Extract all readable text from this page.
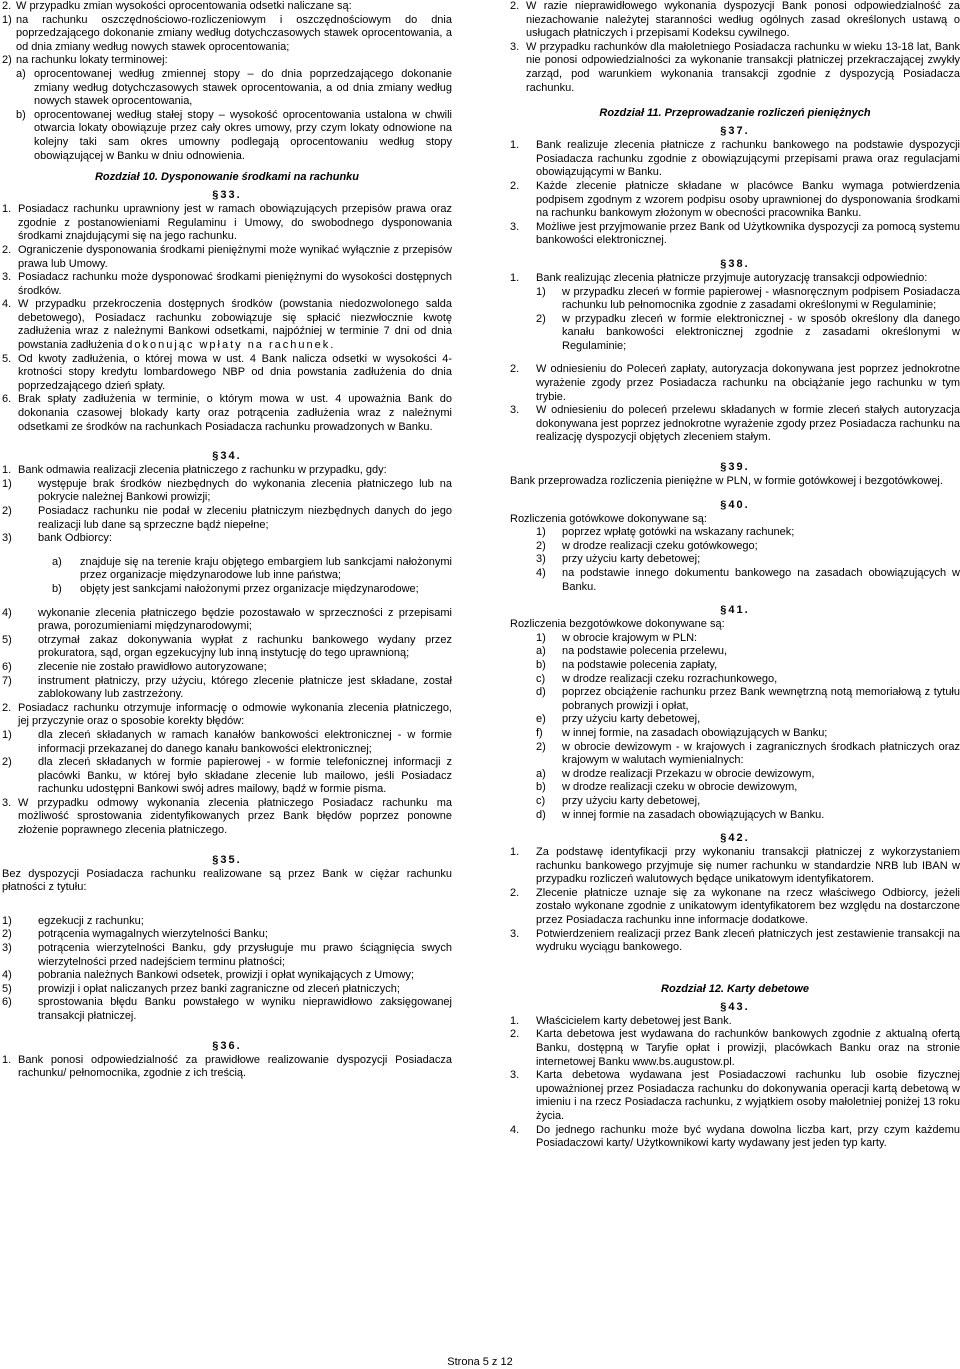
2. W przypadku zmian wysokości oprocentowania odsetki naliczane są:
1) na rachunku oszczędnościowo-rozliczeniowym i oszczędnościowym do dnia poprzedzającego dokonanie zmiany według dotychczasowych stawek oprocentowania, a od dnia zmiany według nowych stawek oprocentowania;
2) na rachunku lokaty terminowej:
a) oprocentowanej według zmiennej stopy – do dnia poprzedzającego dokonanie zmiany według dotychczasowych stawek oprocentowania, a od dnia zmiany według nowych stawek oprocentowania,
b) oprocentowanej według stałej stopy – wysokość oprocentowania ustalona w chwili otwarcia lokaty obowiązuje przez cały okres umowy, przy czym lokaty odnowione na kolejny taki sam okres umowny podlegają oprocentowaniu według stopy obowiązującej w Banku w dniu odnowienia.
Rozdział 10. Dysponowanie środkami na rachunku
§33.
1. Posiadacz rachunku uprawniony jest w ramach obowiązujących przepisów prawa oraz zgodnie z postanowieniami Regulaminu i Umowy, do swobodnego dysponowania środkami znajdującymi się na jego rachunku.
2. Ograniczenie dysponowania środkami pieniężnymi może wynikać wyłącznie z przepisów prawa lub Umowy.
3. Posiadacz rachunku może dysponować środkami pieniężnymi do wysokości dostępnych środków.
4. W przypadku przekroczenia dostępnych środków (powstania niedozwolonego salda debetowego), Posiadacz rachunku zobowiązuje się spłacić niezwłocznie kwotę zadłużenia wraz z należnymi Bankowi odsetkami, najpóźniej w terminie 7 dni od dnia powstania zadłużenia dokonując wpłaty na rachunek.
5. Od kwoty zadłużenia, o której mowa w ust. 4 Bank nalicza odsetki w wysokości 4- krotności stopy kredytu lombardowego NBP od dnia powstania zadłużenia do dnia poprzedzającego dzień spłaty.
6. Brak spłaty zadłużenia w terminie, o którym mowa w ust. 4 upoważnia Bank do dokonania czasowej blokady karty oraz potrącenia zadłużenia wraz z należnymi odsetkami ze środków na rachunkach Posiadacza rachunku prowadzonych w Banku.
§34.
1. Bank odmawia realizacji zlecenia płatniczego z rachunku w przypadku, gdy:
1)	występuje brak środków niezbędnych do wykonania zlecenia płatniczego lub na pokrycie należnej Bankowi prowizji;
2)	Posiadacz rachunku nie podał w zleceniu płatniczym niezbędnych danych do jego realizacji lub dane są sprzeczne bądź niepełne;
3)	bank Odbiorcy:
a)	znajduje się na terenie kraju objętego embargiem lub sankcjami nałożonymi przez organizacje międzynarodowe lub inne państwa;
b)	objęty jest sankcjami nałożonymi przez organizacje międzynarodowe;
4)	wykonanie zlecenia płatniczego będzie pozostawało w sprzeczności z przepisami prawa, porozumieniami międzynarodowymi;
5)	otrzymał zakaz dokonywania wypłat z rachunku bankowego wydany przez prokuratora, sąd, organ egzekucyjny lub inną instytucję do tego uprawnioną;
6)	zlecenie nie zostało prawidłowo autoryzowane;
7)	instrument płatniczy, przy użyciu, którego zlecenie płatnicze jest składane, został zablokowany lub zastrzeżony.
2. Posiadacz rachunku otrzymuje informację o odmowie wykonania zlecenia płatniczego, jej przyczynie oraz o sposobie korekty błędów:
1)	dla zleceń składanych w ramach kanałów bankowości elektronicznej - w formie informacji przekazanej do danego kanału bankowości elektronicznej;
2)	dla zleceń składanych w formie papierowej - w formie telefonicznej informacji z placówki Banku, w której było składane zlecenie lub mailowo, jeśli Posiadacz rachunku udostępni Bankowi swój adres mailowy, bądź w formie pisma.
3. W przypadku odmowy wykonania zlecenia płatniczego Posiadacz rachunku ma możliwość sprostowania zidentyfikowanych przez Bank błędów poprzez ponowne złożenie poprawnego zlecenia płatniczego.
§35.

Bez dyspozycji Posiadacza rachunku realizowane są przez Bank w ciężar rachunku płatności z tytułu:

1)	egzekucji z rachunku;
2)	potrącenia wymagalnych wierzytelności Banku;
3)	potrącenia wierzytelności Banku, gdy przysługuje mu prawo ściągnięcia swych wierzytelności przed nadejściem terminu płatności;
4)	pobrania należnych Bankowi odsetek, prowizji i opłat wynikających z Umowy;
5)	prowizji i opłat naliczanych przez banki zagraniczne od zleceń płatniczych;
6)	sprostowania błędu Banku powstałego w wyniku nieprawidłowo zaksięgowanej transakcji płatniczej.
§36.
1. Bank ponosi odpowiedzialność za prawidłowe realizowanie dyspozycji Posiadacza rachunku/ pełnomocnika, zgodnie z ich treścią.
2. W razie nieprawidłowego wykonania dyspozycji Bank ponosi odpowiedzialność za niezachowanie należytej staranności według ogólnych zasad określonych ustawą o usługach płatniczych i przepisami Kodeksu cywilnego.
3. W przypadku rachunków dla małoletniego Posiadacza rachunku w wieku 13-18 lat, Bank nie ponosi odpowiedzialności za wykonanie transakcji płatniczej przekraczającej zwykły zarząd, pod warunkiem wykonania transakcji zgodnie z dyspozycją Posiadacza rachunku.
Rozdział 11. Przeprowadzanie rozliczeń pieniężnych
§37.
1.	Bank realizuje zlecenia płatnicze z rachunku bankowego na podstawie dyspozycji Posiadacza rachunku zgodnie z obowiązującymi przepisami prawa oraz regulacjami obowiązującymi w Banku.
2.	Każde zlecenie płatnicze składane w placówce Banku wymaga potwierdzenia podpisem zgodnym z wzorem podpisu osoby uprawnionej do dysponowania środkami na rachunku bankowym złożonym w obecności pracownika Banku.
3.	Możliwe jest przyjmowanie przez Bank od Użytkownika dyspozycji za pomocą systemu bankowości elektronicznej.
§38.
1.	Bank realizując zlecenia płatnicze przyjmuje autoryzację transakcji odpowiednio:
1)	w przypadku zleceń w formie papierowej - własnoręcznym podpisem Posiadacza rachunku lub pełnomocnika zgodnie z zasadami określonymi w Regulaminie;
2)	w przypadku zleceń w formie elektronicznej - w sposób określony dla danego kanału bankowości elektronicznej zgodnie z zasadami określonymi w Regulaminie;
2.	W odniesieniu do Poleceń zapłaty, autoryzacja dokonywana jest poprzez jednokrotne wyrażenie zgody przez Posiadacza rachunku na obciążanie jego rachunku w tym trybie.
3.	W odniesieniu do poleceń przelewu składanych w formie zleceń stałych autoryzacja dokonywana jest poprzez jednokrotne wyrażenie zgody przez Posiadacza rachunku na realizację dyspozycji objętych zleceniem stałym.
§39.

Bank przeprowadza rozliczenia pieniężne w PLN, w formie gotówkowej i bezgotówkowej.

§40.

Rozliczenia gotówkowe dokonywane są:

1)	poprzez wpłatę gotówki na wskazany rachunek;
2)	w drodze realizacji czeku gotówkowego;
3)	przy użyciu karty debetowej;
4)	na podstawie innego dokumentu bankowego na zasadach obowiązujących w Banku.
§41.

Rozliczenia bezgotówkowe dokonywane są:

1)	w obrocie krajowym w PLN:
a)	na podstawie polecenia przelewu,
b)	na podstawie polecenia zapłaty,
c)	w drodze realizacji czeku rozrachunkowego,
d)	poprzez obciążenie rachunku przez Bank wewnętrzną notą memoriałową z tytułu pobranych prowizji i opłat,
e)	przy użyciu karty debetowej,
f)	w innej formie, na zasadach obowiązujących w Banku;
2)	w obrocie dewizowym - w krajowych i zagranicznych środkach płatniczych oraz krajowym w walutach wymienialnych:
a)	w drodze realizacji Przekazu w obrocie dewizowym,
b)	w drodze realizacji czeku w obrocie dewizowym,
c)	przy użyciu karty debetowej,
d)	w innej formie na zasadach obowiązujących w Banku.
§42.
1.	Za podstawę identyfikacji przy wykonaniu transakcji płatniczej z wykorzystaniem rachunku bankowego przyjmuje się numer rachunku w standardzie NRB lub IBAN w przypadku rozliczeń walutowych będące unikatowym identyfikatorem.
2.	Zlecenie płatnicze uznaje się za wykonane na rzecz właściwego Odbiorcy, jeżeli zostało wykonane zgodnie z unikatowym identyfikatorem bez względu na dostarczone przez Posiadacza rachunku inne informacje dodatkowe.
3.	Potwierdzeniem realizacji przez Bank zleceń płatniczych jest zestawienie transakcji na wydruku wyciągu bankowego.
Rozdział 12. Karty debetowe
§43.
1.	Właścicielem karty debetowej jest Bank.
2.	Karta debetowa jest wydawana do rachunków bankowych zgodnie z aktualną ofertą Banku, dostępną w Taryfie opłat i prowizji, placówkach Banku oraz na stronie internetowej Banku www.bs.augustow.pl.
3.	Karta debetowa wydawana jest Posiadaczowi rachunku lub osobie fizycznej upoważnionej przez Posiadacza rachunku do dokonywania operacji kartą debetową w imieniu i na rzecz Posiadacza rachunku, z wyjątkiem osoby małoletniej poniżej 13 roku życia.
4.	Do jednego rachunku może być wydana dowolna liczba kart, przy czym każdemu Posiadaczowi karty/ Użytkownikowi karty wydawany jest jeden typ karty.
Strona 5 z 12
